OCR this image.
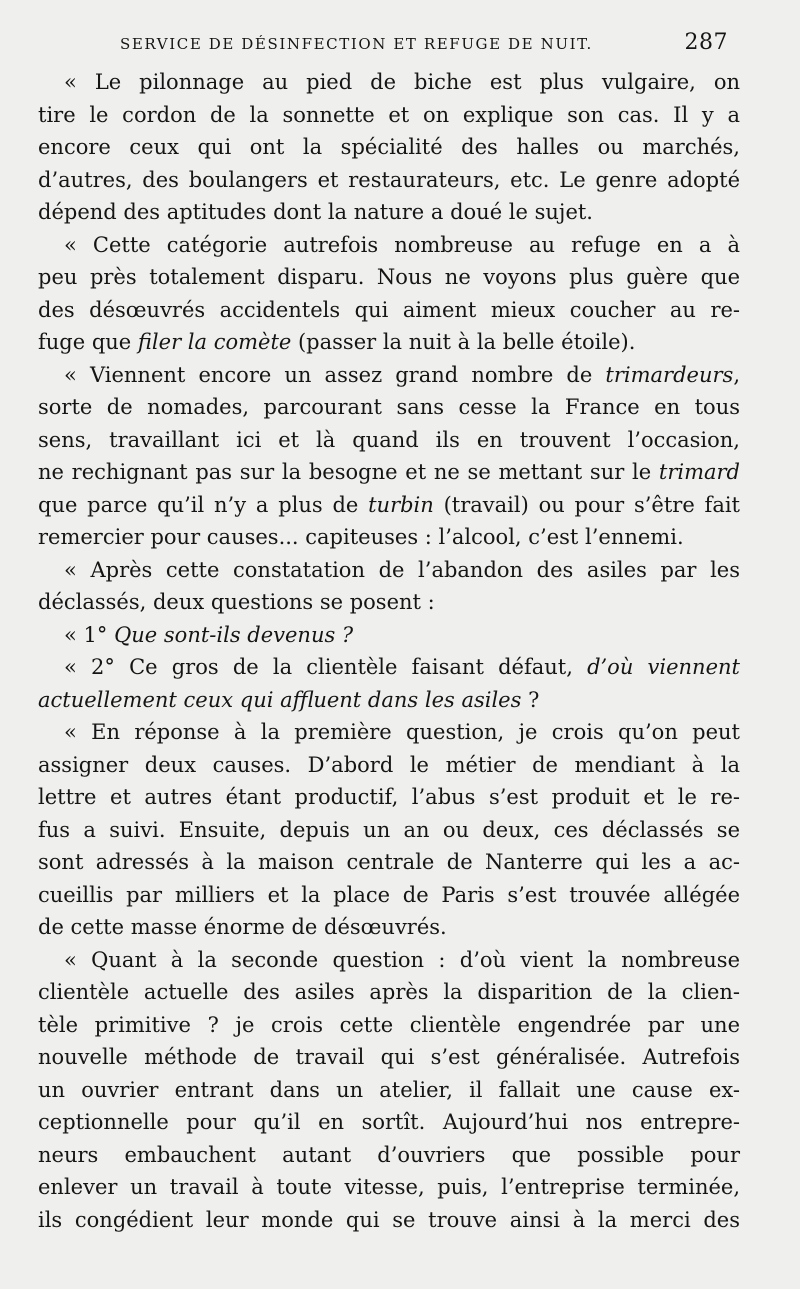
SERVICE DE DÉSINFECTION ET REFUGE DE NUIT.	287
« Le pilonnage au pied de biche est plus vulgaire, on
tire le cordon de la sonnette et on explique son cas. Il y a
encore ceux qui ont la spécialité des halles ou marchés,
d’autres, des boulangers et restaurateurs, etc. Le genre adopté
dépend des aptitudes dont la nature a doué le sujet.
« Cette catégorie autrefois nombreuse au refuge en a à
peu près totalement disparu. Nous ne voyons plus guère que
des désœuvrés accidentels qui aiment mieux coucher au re-
fuge que filer la comète (passer la nuit à la belle étoile).
« Viennent encore un assez grand nombre de trimardeurs,
sorte de nomades, parcourant sans cesse la France en tous
sens, travaillant ici et là quand ils en trouvent l’occasion,
ne rechignant pas sur la besogne et ne se mettant sur le trimard
que parce qu’il n’y a plus de turbin (travail) ou pour s’être fait
remercier pour causes... capiteuses : l’alcool, c’est l’ennemi.
« Après cette constatation de l’abandon des asiles par les
déclassés, deux questions se posent :
« 1° Que sont-ils devenus ?
« 2° Ce gros de la clientèle faisant défaut, d’où viennent
actuellement ceux qui affluent dans les asiles ?
« En réponse à la première question, je crois qu’on peut
assigner deux causes. D’abord le métier de mendiant à la
lettre et autres étant productif, l’abus s’est produit et le re-
fus a suivi. Ensuite, depuis un an ou deux, ces déclassés se
sont adressés à la maison centrale de Nanterre qui les a ac-
cueillis par milliers et la place de Paris s’est trouvée allégée
de cette masse énorme de désœuvrés.
« Quant à la seconde question : d’où vient la nombreuse
clientèle actuelle des asiles après la disparition de la clien-
tèle primitive ? je crois cette clientèle engendrée par une
nouvelle méthode de travail qui s’est généralisée. Autrefois
un ouvrier entrant dans un atelier, il fallait une cause ex-
ceptionnelle pour qu’il en sortît. Aujourd’hui nos entrepre-
neurs embauchent autant d’ouvriers que possible pour
enlever un travail à toute vitesse, puis, l’entreprise terminée,
ils congédient leur monde qui se trouve ainsi à la merci des
